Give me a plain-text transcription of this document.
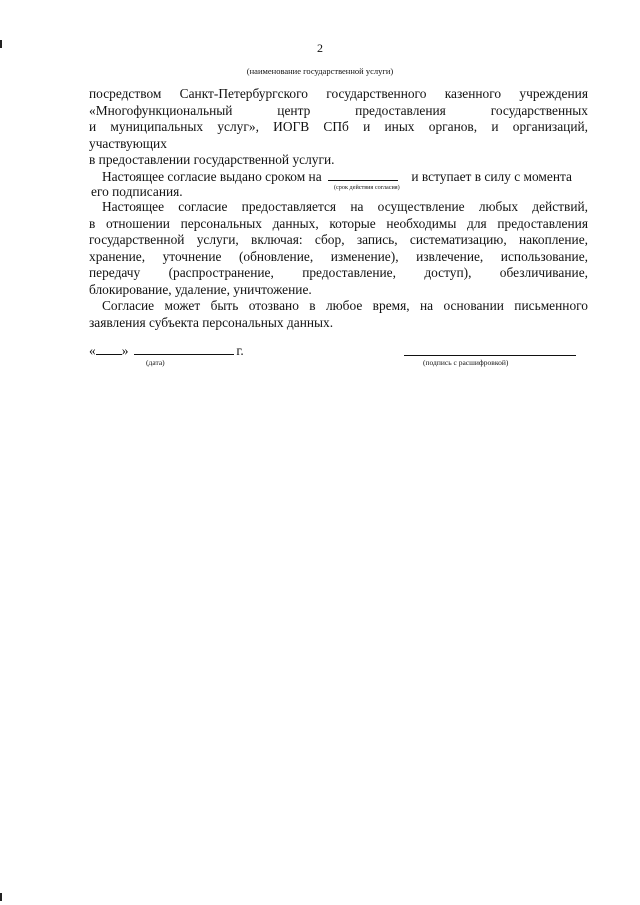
2
(наименование государственной услуги)
посредством Санкт-Петербургского государственного казенного учреждения
«Многофункциональный центр предоставления государственных
и муниципальных услуг», ИОГВ СПб и иных органов, и организаций,
участвующих
в предоставлении государственной услуги.
Настоящее согласие выдано сроком на	и вступает в силу с момента
его подписания.	(срок действия согласия)
Настоящее согласие предоставляется на осуществление любых действий,
в отношении персональных данных, которые необходимы для предоставления
государственной услуги, включая: сбор, запись, систематизацию, накопление,
хранение, уточнение (обновление, изменение), извлечение, использование,
передачу (распространение, предоставление, доступ), обезличивание,
блокирование, удаление, уничтожение.
Согласие может быть отозвано в любое время, на основании письменного
заявления субъекта персональных данных.
« »	г.
(дата)	(подпись с расшифровкой)
